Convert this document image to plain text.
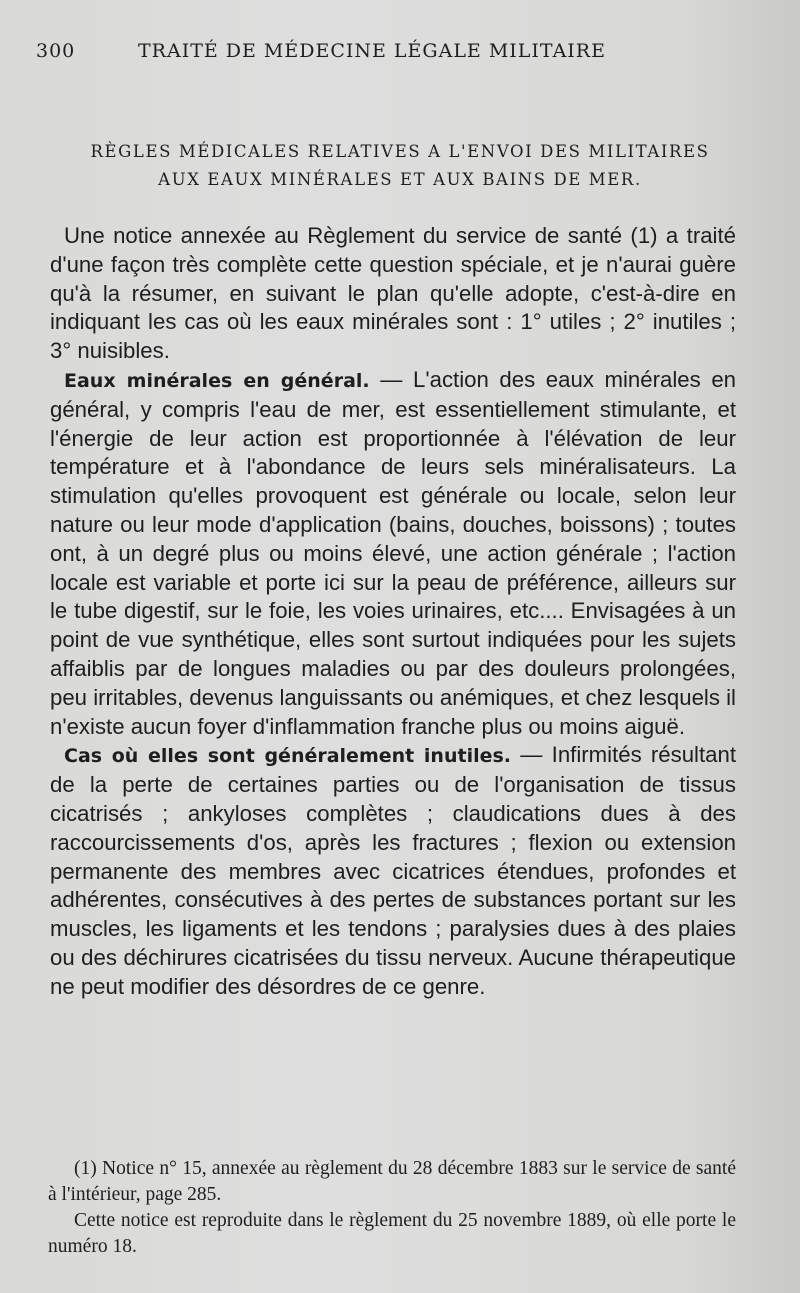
300	TRAITÉ DE MÉDECINE LÉGALE MILITAIRE
RÈGLES MÉDICALES RELATIVES A L'ENVOI DES MILITAIRES
AUX EAUX MINÉRALES ET AUX BAINS DE MER.

Une notice annexée au Règlement du service de santé (1) a traité d'une façon très complète cette question spéciale, et je n'aurai guère qu'à la résumer, en suivant le plan qu'elle adopte, c'est-à-dire en indiquant les cas où les eaux minérales sont : 1° utiles ; 2° inutiles ; 3° nuisibles.

Eaux minérales en général. — L'action des eaux minérales en général, y compris l'eau de mer, est essentiellement stimulante, et l'énergie de leur action est proportionnée à l'élévation de leur température et à l'abondance de leurs sels minéralisateurs. La stimulation qu'elles provoquent est générale ou locale, selon leur nature ou leur mode d'application (bains, douches, boissons) ; toutes ont, à un degré plus ou moins élevé, une action générale ; l'action locale est variable et porte ici sur la peau de préférence, ailleurs sur le tube digestif, sur le foie, les voies urinaires, etc.... Envisagées à un point de vue synthétique, elles sont surtout indiquées pour les sujets affaiblis par de longues maladies ou par des douleurs prolongées, peu irritables, devenus languissants ou anémiques, et chez lesquels il n'existe aucun foyer d'inflammation franche plus ou moins aiguë.

Cas où elles sont généralement inutiles. — Infirmités résultant de la perte de certaines parties ou de l'organisation de tissus cicatrisés ; ankyloses complètes ; claudications dues à des raccourcissements d'os, après les fractures ; flexion ou extension permanente des membres avec cicatrices étendues, profondes et adhérentes, consécutives à des pertes de substances portant sur les muscles, les ligaments et les tendons ; paralysies dues à des plaies ou des déchirures cicatrisées du tissu nerveux. Aucune thérapeutique ne peut modifier des désordres de ce genre.

(1) Notice n° 15, annexée au règlement du 28 décembre 1883 sur le service de santé à l'intérieur, page 285.

Cette notice est reproduite dans le règlement du 25 novembre 1889, où elle porte le numéro 18.
